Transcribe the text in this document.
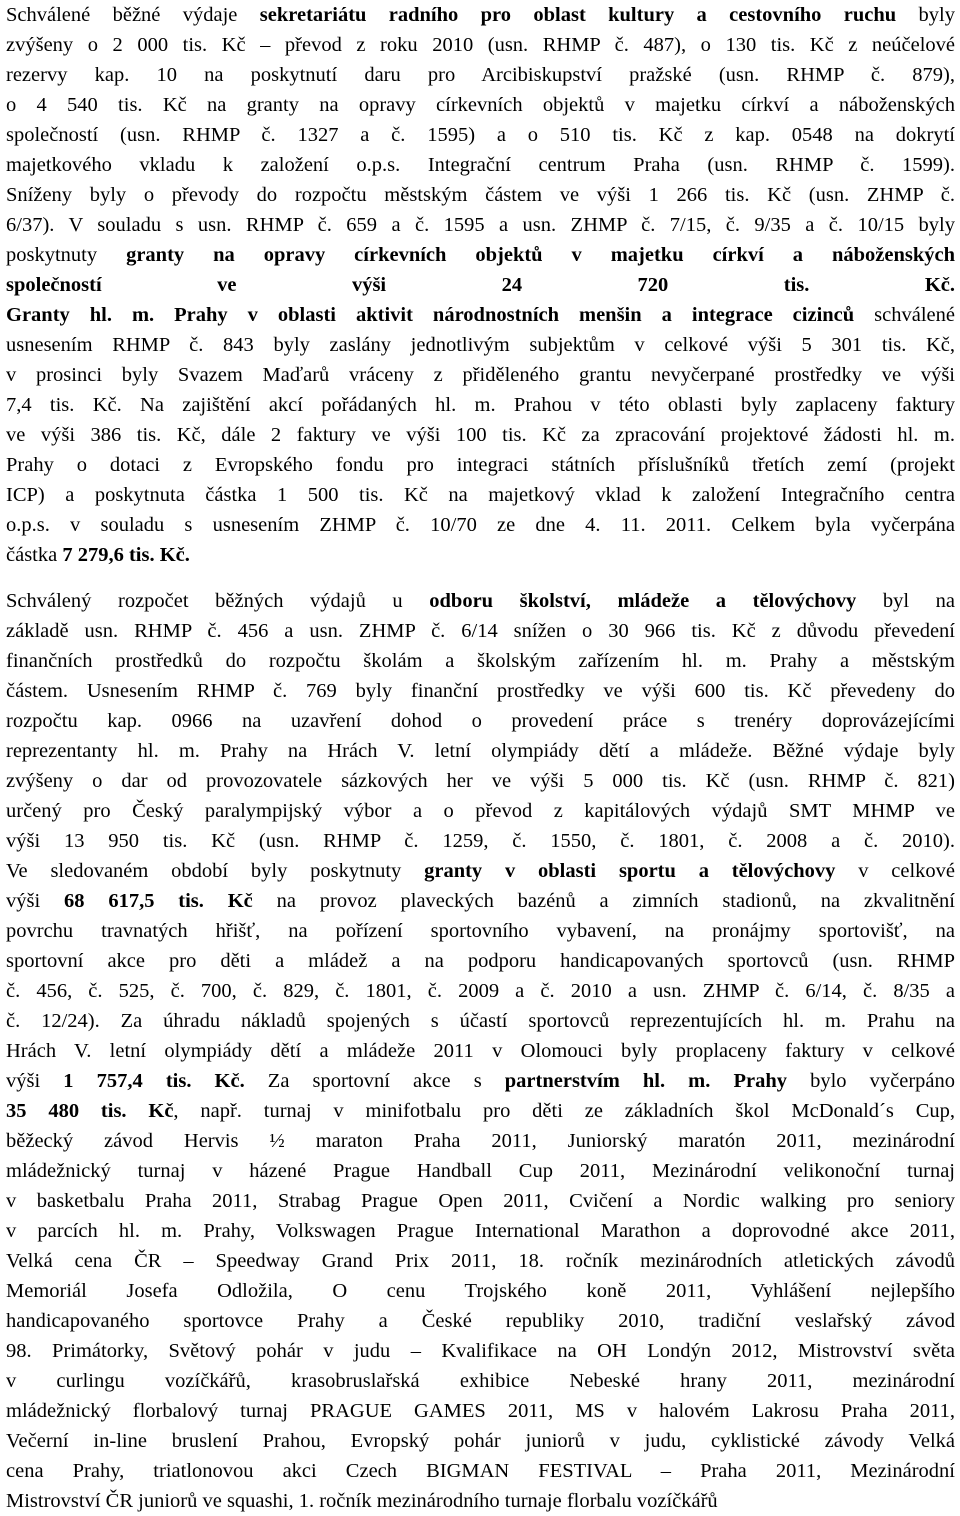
Schválené běžné výdaje sekretariátu radního pro oblast kultury a cestovního ruchu byly
zvýšeny o 2 000 tis. Kč – převod z roku 2010 (usn. RHMP č. 487), o 130 tis. Kč z neúčelové
rezervy kap. 10 na poskytnutí daru pro Arcibiskupství pražské (usn. RHMP č. 879),
o 4 540 tis. Kč na granty na opravy církevních objektů v majetku církví a náboženských
společností (usn. RHMP č. 1327 a č. 1595) a o 510 tis. Kč z kap. 0548 na dokrytí
majetkového vkladu k založení o.p.s. Integrační centrum Praha (usn. RHMP č. 1599).
Sníženy byly o převody do rozpočtu městským částem ve výši 1 266 tis. Kč (usn. ZHMP č.
6/37). V souladu s usn. RHMP č. 659 a č. 1595 a usn. ZHMP č. 7/15, č. 9/35 a č. 10/15 byly
poskytnuty granty na opravy církevních objektů v majetku církví a náboženských
společností ve výši 24 720 tis. Kč.
Granty hl. m. Prahy v oblasti aktivit národnostních menšin a integrace cizinců schválené
usnesením RHMP č. 843 byly zaslány jednotlivým subjektům v celkové výši 5 301 tis. Kč,
v prosinci byly Svazem Maďarů vráceny z přiděleného grantu nevyčerpané prostředky ve výši
7,4 tis. Kč. Na zajištění akcí pořádaných hl. m. Prahou v této oblasti byly zaplaceny faktury
ve výši 386 tis. Kč, dále 2 faktury ve výši 100 tis. Kč za zpracování projektové žádosti hl. m.
Prahy o dotaci z Evropského fondu pro integraci státních příslušníků třetích zemí (projekt
ICP) a poskytnuta částka 1 500 tis. Kč na majetkový vklad k založení Integračního centra
o.p.s. v souladu s usnesením ZHMP č. 10/70 ze dne 4. 11. 2011. Celkem byla vyčerpána
částka 7 279,6 tis. Kč.
Schválený rozpočet běžných výdajů u odboru školství, mládeže a tělovýchovy byl na
základě usn. RHMP č. 456 a usn. ZHMP č. 6/14 snížen o 30 966 tis. Kč z důvodu převedení
finančních prostředků do rozpočtu školám a školským zařízením hl. m. Prahy a městským
částem. Usnesením RHMP č. 769 byly finanční prostředky ve výši 600 tis. Kč převedeny do
rozpočtu kap. 0966 na uzavření dohod o provedení práce s trenéry doprovázejícími
reprezentanty hl. m. Prahy na Hrách V. letní olympiády dětí a mládeže. Běžné výdaje byly
zvýšeny o dar od provozovatele sázkových her ve výši 5 000 tis. Kč (usn. RHMP č. 821)
určený pro Český paralympijský výbor a o převod z kapitálových výdajů SMT MHMP ve
výši 13 950 tis. Kč (usn. RHMP č. 1259, č. 1550, č. 1801, č. 2008 a č. 2010).
Ve sledovaném období byly poskytnuty granty v oblasti sportu a tělovýchovy v celkové
výši 68 617,5 tis. Kč na provoz plaveckých bazénů a zimních stadionů, na zkvalitnění
povrchu travnatých hřišť, na pořízení sportovního vybavení, na pronájmy sportovišť, na
sportovní akce pro děti a mládež a na podporu handicapovaných sportovců (usn. RHMP
č. 456, č. 525, č. 700, č. 829, č. 1801, č. 2009 a č. 2010 a usn. ZHMP č. 6/14, č. 8/35 a
č. 12/24). Za úhradu nákladů spojených s účastí sportovců reprezentujících hl. m. Prahu na
Hrách V. letní olympiády dětí a mládeže 2011 v Olomouci byly proplaceny faktury v celkové
výši 1 757,4 tis. Kč. Za sportovní akce s partnerstvím hl. m. Prahy bylo vyčerpáno
35 480 tis. Kč, např. turnaj v minifotbalu pro děti ze základních škol McDonald´s Cup,
běžecký závod Hervis ½ maraton Praha 2011, Juniorský maratón 2011, mezinárodní
mládežnický turnaj v házené Prague Handball Cup 2011, Mezinárodní velikonoční turnaj
v basketbalu Praha 2011, Strabag Prague Open 2011, Cvičení a Nordic walking pro seniory
v parcích hl. m. Prahy, Volkswagen Prague International Marathon a doprovodné akce 2011,
Velká cena ČR – Speedway Grand Prix 2011, 18. ročník mezinárodních atletických závodů
Memoriál Josefa Odložila, O cenu Trojského koně 2011, Vyhlášení nejlepšího
handicapovaného sportovce Prahy a České republiky 2010, tradiční veslařský závod
98. Primátorky, Světový pohár v judu – Kvalifikace na OH Londýn 2012, Mistrovství světa
v curlingu vozíčkářů, krasobruslařská exhibice Nebeské hrany 2011, mezinárodní
mládežnický florbalový turnaj PRAGUE GAMES 2011, MS v halovém Lakrosu Praha 2011,
Večerní in-line bruslení Prahou, Evropský pohár juniorů v judu, cyklistické závody Velká
cena Prahy, triatlonovou akci Czech BIGMAN FESTIVAL – Praha 2011, Mezinárodní
Mistrovství ČR juniorů ve squashi, 1. ročník mezinárodního turnaje florbalu vozíčkářů
